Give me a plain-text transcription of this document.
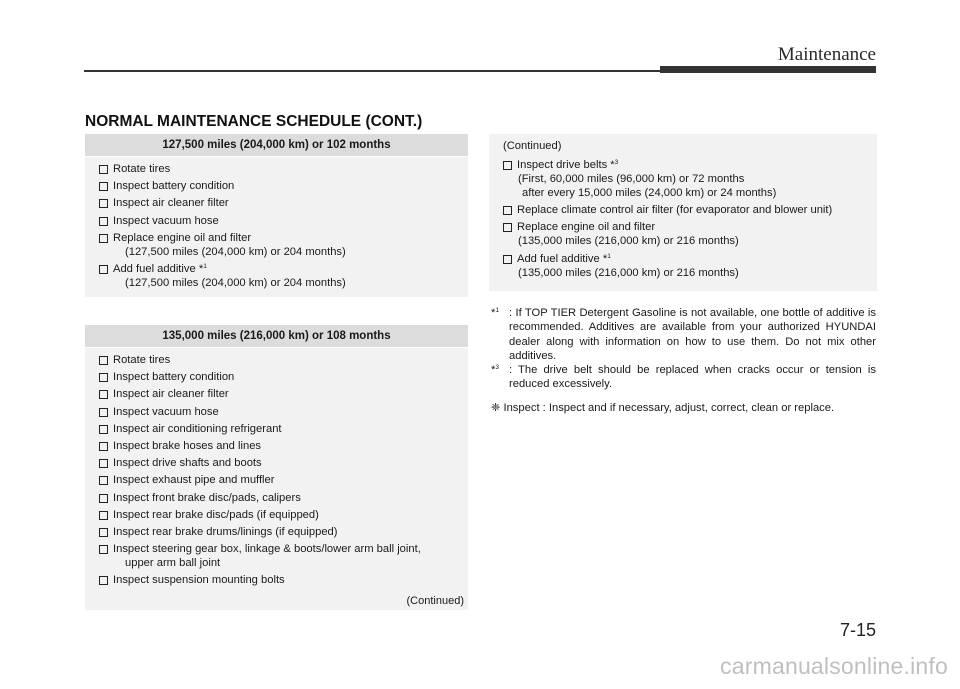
Maintenance
NORMAL MAINTENANCE SCHEDULE (CONT.)
127,500 miles (204,000 km) or 102 months
Rotate tires
Inspect battery condition
Inspect air cleaner filter
Inspect vacuum hose
Replace engine oil and filter
(127,500 miles (204,000 km) or 204 months)
Add fuel additive *$^1$
(127,500 miles (204,000 km) or 204 months)
135,000 miles (216,000 km) or 108 months
Rotate tires
Inspect battery condition
Inspect air cleaner filter
Inspect vacuum hose
Inspect air conditioning refrigerant
Inspect brake hoses and lines
Inspect drive shafts and boots
Inspect exhaust pipe and muffler
Inspect front brake disc/pads, calipers
Inspect rear brake disc/pads (if equipped)
Inspect rear brake drums/linings (if equipped)
Inspect steering gear box, linkage & boots/lower arm ball joint,
upper arm ball joint
Inspect suspension mounting bolts
(Continued)
(Continued)
Inspect drive belts *$^3$
(First, 60,000 miles (96,000 km) or 72 months
after every 15,000 miles (24,000 km) or 24 months)
Replace climate control air filter (for evaporator and blower unit)
Replace engine oil and filter
(135,000 miles (216,000 km) or 216 months)
Add fuel additive *$^1$
(135,000 miles (216,000 km) or 216 months)
*$^1$ : If TOP TIER Detergent Gasoline is not available, one bottle of additive is recommended. Additives are available from your authorized HYUNDAI dealer along with information on how to use them. Do not mix other additives.
*$^3$ : The drive belt should be replaced when cracks occur or tension is reduced excessively.
❈ Inspect : Inspect and if necessary, adjust, correct, clean or replace.
7-15
carmanualsonline.info
